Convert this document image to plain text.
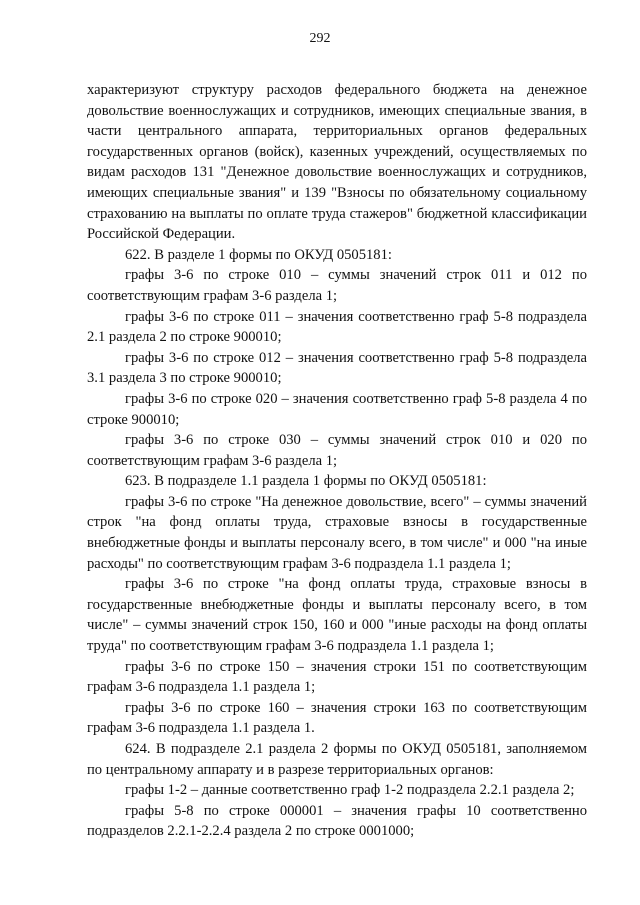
292

характеризуют структуру расходов федерального бюджета на денежное довольствие военнослужащих и сотрудников, имеющих специальные звания, в части центрального аппарата, территориальных органов федеральных государственных органов (войск), казенных учреждений, осуществляемых по видам расходов 131 "Денежное довольствие военнослужащих и сотрудников, имеющих специальные звания" и 139 "Взносы по обязательному социальному страхованию на выплаты по оплате труда стажеров" бюджетной классификации Российской Федерации.

622. В разделе 1 формы по ОКУД 0505181:

графы 3-6 по строке 010 – суммы значений строк 011 и 012 по соответствующим графам 3-6 раздела 1;

графы 3-6 по строке 011 – значения соответственно граф 5-8 подраздела 2.1 раздела 2 по строке 900010;

графы 3-6 по строке 012 – значения соответственно граф 5-8 подраздела 3.1 раздела 3 по строке 900010;

графы 3-6 по строке 020 – значения соответственно граф 5-8 раздела 4 по строке 900010;

графы 3-6 по строке 030 – суммы значений строк 010 и 020 по соответствующим графам 3-6 раздела 1;

623. В подразделе 1.1 раздела 1 формы по ОКУД 0505181:

графы 3-6 по строке "На денежное довольствие, всего" – суммы значений строк "на фонд оплаты труда, страховые взносы в государственные внебюджетные фонды и выплаты персоналу всего, в том числе" и 000 "на иные расходы" по соответствующим графам 3-6 подраздела 1.1 раздела 1;

графы 3-6 по строке "на фонд оплаты труда, страховые взносы в государственные внебюджетные фонды и выплаты персоналу всего, в том числе" – суммы значений строк 150, 160 и 000 "иные расходы на фонд оплаты труда" по соответствующим графам 3-6 подраздела 1.1 раздела 1;

графы 3-6 по строке 150 – значения строки 151 по соответствующим графам 3-6 подраздела 1.1 раздела 1;

графы 3-6 по строке 160 – значения строки 163 по соответствующим графам 3-6 подраздела 1.1 раздела 1.

624. В подразделе 2.1 раздела 2 формы по ОКУД 0505181, заполняемом по центральному аппарату и в разрезе территориальных органов:

графы 1-2 – данные соответственно граф 1-2 подраздела 2.2.1 раздела 2;

графы 5-8 по строке 000001 – значения графы 10 соответственно подразделов 2.2.1-2.2.4 раздела 2 по строке 0001000;
